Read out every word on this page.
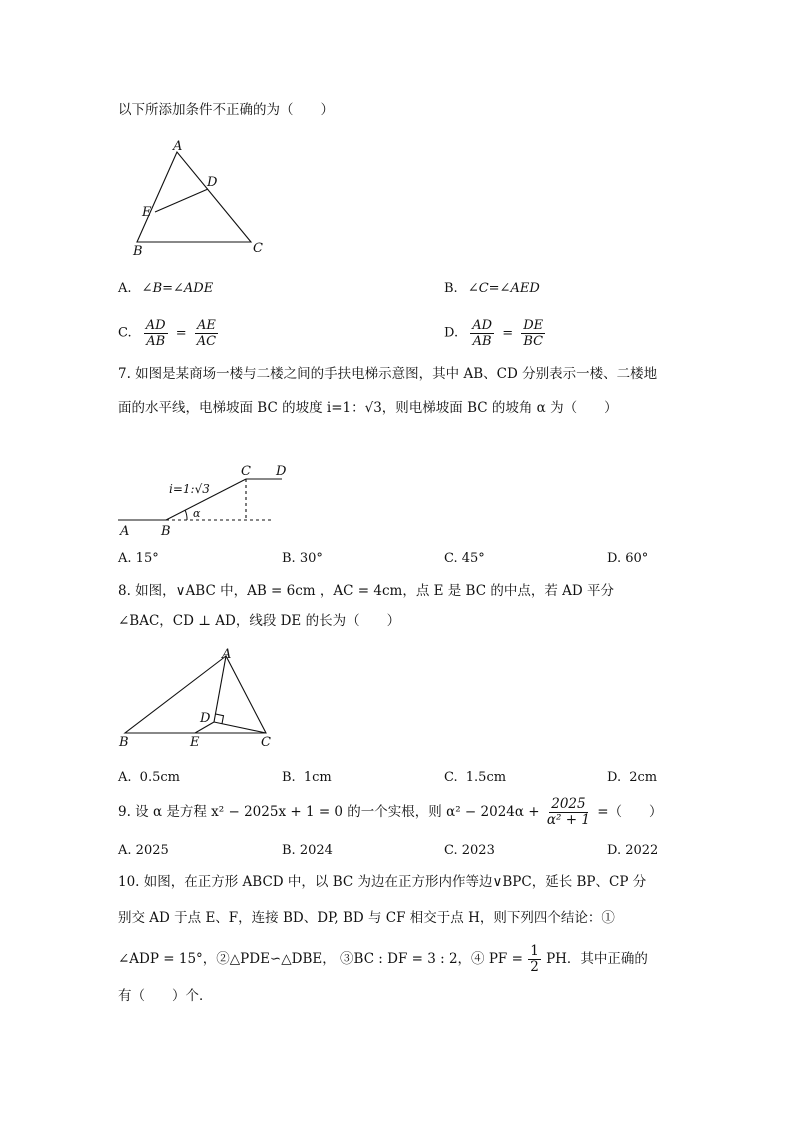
以下所添加条件不正确的为（　　）
A
B	C
D
E
A. ∠B=∠ADE	B. ∠C=∠AED
C. $\frac{AD}{AB} = \frac{AE}{AC}$	D. $\frac{AD}{AB} = \frac{DE}{BC}$
7. 如图是某商场一楼与二楼之间的手扶电梯示意图，其中 AB、CD 分别表示一楼、二楼地
面的水平线，电梯坡面 BC 的坡度 i=1：√3，则电梯坡面 BC 的坡角 α 为（　　）
A B
C D
i=1:√3
α
A. 15°	B. 30°	C. 45°	D. 60°
8. 如图，∨ABC 中，AB = 6cm ，AC = 4cm，点 E 是 BC 的中点，若 AD 平分
∠BAC，CD ⊥ AD，线段 DE 的长为（　　）
A
B	C
D
E
A. 0.5cm	B. 1cm	C. 1.5cm	D. 2cm
9. 设 α 是方程 x² − 2025x + 1 = 0 的一个实根，则 $\alpha^2 - 2024\alpha + \frac{2025}{\text{α² + 1}}$ =（　　）
A. 2025	B. 2024	C. 2023	D. 2022
10. 如图，在正方形 ABCD 中，以 BC 为边在正方形内作等边∨BPC，延长 BP、CP 分
别交 AD 于点 E、F，连接 BD、DP, BD 与 CF 相交于点 H，则下列四个结论：①
∠ADP = 15°，②△PDE∽△DBE， ③BC : DF = 3 : 2，④ PF = $\frac{1}{2}$ PH．其中正确的
有（　　）个．
